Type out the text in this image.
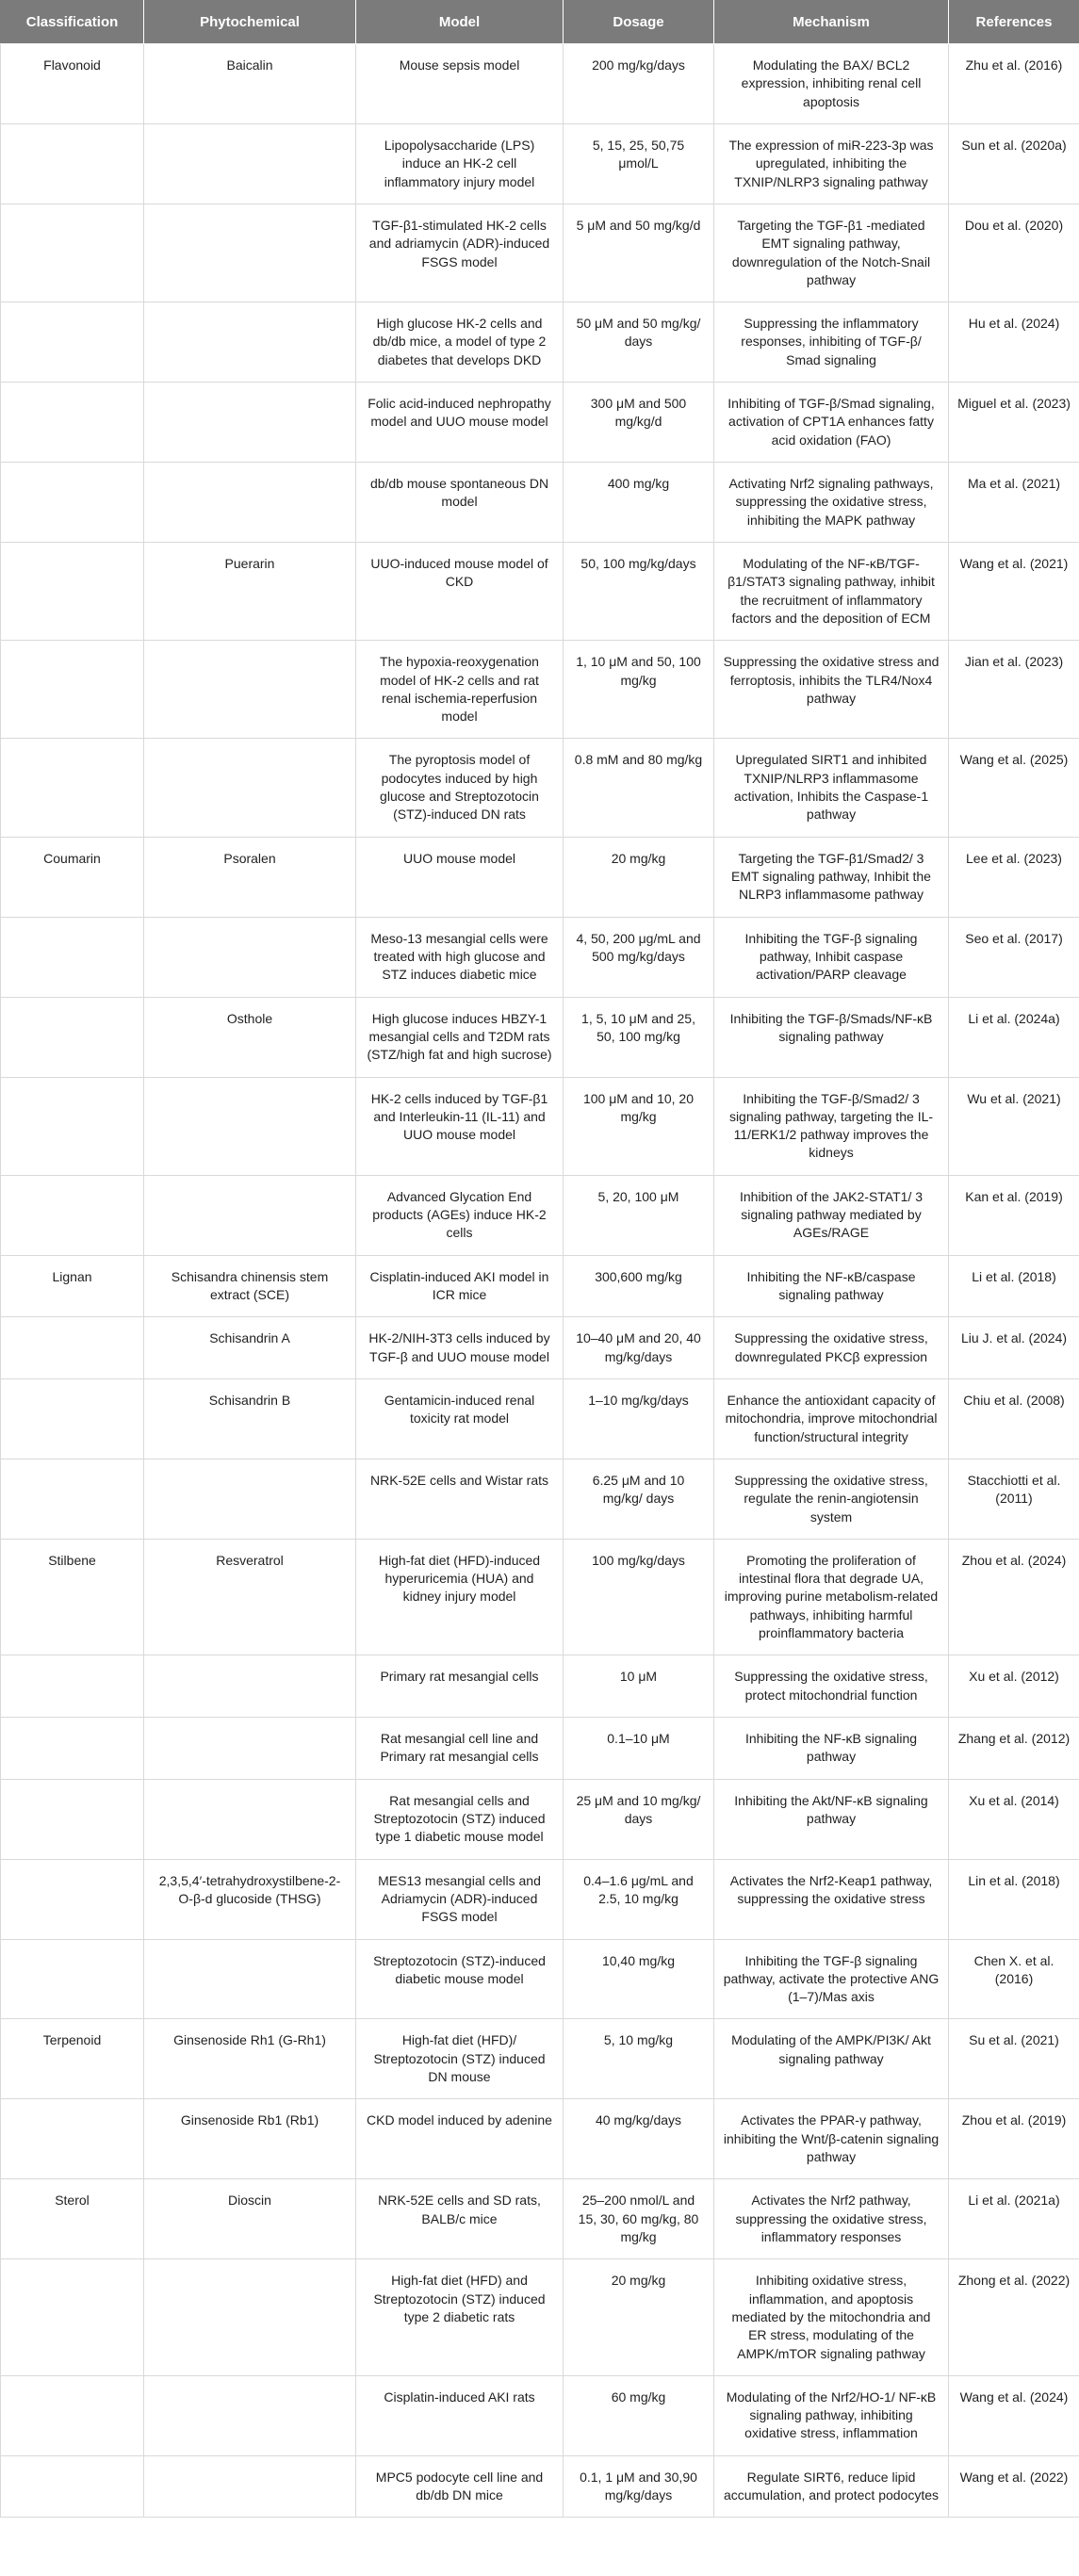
Classification	Phytochemical	Model	Dosage	Mechanism	References
Flavonoid	Baicalin	Mouse sepsis model	200 mg/kg/days	Modulating the BAX/ BCL2 expression, inhibiting renal cell apoptosis	Zhu et al. (2016)
		Lipopolysaccharide (LPS) induce an HK-2 cell inflammatory injury model	5, 15, 25, 50,75 μmol/L	The expression of miR-223-3p was upregulated, inhibiting the TXNIP/NLRP3 signaling pathway	Sun et al. (2020a)
		TGF-β1-stimulated HK-2 cells and adriamycin (ADR)-induced FSGS model	5 μM and 50 mg/kg/d	Targeting the TGF-β1 -mediated EMT signaling pathway, downregulation of the Notch-Snail pathway	Dou et al. (2020)
		High glucose HK-2 cells and db/db mice, a model of type 2 diabetes that develops DKD	50 μM and 50 mg/kg/ days	Suppressing the inflammatory responses, inhibiting of TGF-β/ Smad signaling	Hu et al. (2024)
		Folic acid-induced nephropathy model and UUO mouse model	300 μM and 500 mg/kg/d	Inhibiting of TGF-β/Smad signaling, activation of CPT1A enhances fatty acid oxidation (FAO)	Miguel et al. (2023)
		db/db mouse spontaneous DN model	400 mg/kg	Activating Nrf2 signaling pathways, suppressing the oxidative stress, inhibiting the MAPK pathway	Ma et al. (2021)
	Puerarin	UUO-induced mouse model of CKD	50, 100 mg/kg/days	Modulating of the NF-κB/TGF-β1/STAT3 signaling pathway, inhibit the recruitment of inflammatory factors and the deposition of ECM	Wang et al. (2021)
		The hypoxia-reoxygenation model of HK-2 cells and rat renal ischemia-reperfusion model	1, 10 μM and 50, 100 mg/kg	Suppressing the oxidative stress and ferroptosis, inhibits the TLR4/Nox4 pathway	Jian et al. (2023)
		The pyroptosis model of podocytes induced by high glucose and Streptozotocin (STZ)-induced DN rats	0.8 mM and 80 mg/kg	Upregulated SIRT1 and inhibited TXNIP/NLRP3 inflammasome activation, Inhibits the Caspase-1 pathway	Wang et al. (2025)
Coumarin	Psoralen	UUO mouse model	20 mg/kg	Targeting the TGF-β1/Smad2/ 3 EMT signaling pathway, Inhibit the NLRP3 inflammasome pathway	Lee et al. (2023)
		Meso-13 mesangial cells were treated with high glucose and STZ induces diabetic mice	4, 50, 200 μg/mL and 500 mg/kg/days	Inhibiting the TGF-β signaling pathway, Inhibit caspase activation/PARP cleavage	Seo et al. (2017)
	Osthole	High glucose induces HBZY-1 mesangial cells and T2DM rats (STZ/high fat and high sucrose)	1, 5, 10 μM and 25, 50, 100 mg/kg	Inhibiting the TGF-β/Smads/NF-κB signaling pathway	Li et al. (2024a)
		HK-2 cells induced by TGF-β1 and Interleukin-11 (IL-11) and UUO mouse model	100 μM and 10, 20 mg/kg	Inhibiting the TGF-β/Smad2/ 3 signaling pathway, targeting the IL-11/ERK1/2 pathway improves the kidneys	Wu et al. (2021)
		Advanced Glycation End products (AGEs) induce HK-2 cells	5, 20, 100 μM	Inhibition of the JAK2-STAT1/ 3 signaling pathway mediated by AGEs/RAGE	Kan et al. (2019)
Lignan	Schisandra chinensis stem extract (SCE)	Cisplatin-induced AKI model in ICR mice	300,600 mg/kg	Inhibiting the NF-κB/caspase signaling pathway	Li et al. (2018)
	Schisandrin A	HK-2/NIH-3T3 cells induced by TGF-β and UUO mouse model	10–40 μM and 20, 40 mg/kg/days	Suppressing the oxidative stress, downregulated PKCβ expression	Liu J. et al. (2024)
	Schisandrin B	Gentamicin-induced renal toxicity rat model	1–10 mg/kg/days	Enhance the antioxidant capacity of mitochondria, improve mitochondrial function/structural integrity	Chiu et al. (2008)
		NRK-52E cells and Wistar rats	6.25 μM and 10 mg/kg/ days	Suppressing the oxidative stress, regulate the renin-angiotensin system	Stacchiotti et al. (2011)
Stilbene	Resveratrol	High-fat diet (HFD)-induced hyperuricemia (HUA) and kidney injury model	100 mg/kg/days	Promoting the proliferation of intestinal flora that degrade UA, improving purine metabolism-related pathways, inhibiting harmful proinflammatory bacteria	Zhou et al. (2024)
		Primary rat mesangial cells	10 μM	Suppressing the oxidative stress, protect mitochondrial function	Xu et al. (2012)
		Rat mesangial cell line and Primary rat mesangial cells	0.1–10 μM	Inhibiting the NF-κB signaling pathway	Zhang et al. (2012)
		Rat mesangial cells and Streptozotocin (STZ) induced type 1 diabetic mouse model	25 μM and 10 mg/kg/ days	Inhibiting the Akt/NF-κB signaling pathway	Xu et al. (2014)
	2,3,5,4′-tetrahydroxystilbene-2-O-β-d glucoside (THSG)	MES13 mesangial cells and Adriamycin (ADR)-induced FSGS model	0.4–1.6 μg/mL and 2.5, 10 mg/kg	Activates the Nrf2-Keap1 pathway, suppressing the oxidative stress	Lin et al. (2018)
		Streptozotocin (STZ)-induced diabetic mouse model	10,40 mg/kg	Inhibiting the TGF-β signaling pathway, activate the protective ANG (1–7)/Mas axis	Chen X. et al. (2016)
Terpenoid	Ginsenoside Rh1 (G-Rh1)	High-fat diet (HFD)/ Streptozotocin (STZ) induced DN mouse	5, 10 mg/kg	Modulating of the AMPK/PI3K/ Akt signaling pathway	Su et al. (2021)
	Ginsenoside Rb1 (Rb1)	CKD model induced by adenine	40 mg/kg/days	Activates the PPAR-γ pathway, inhibiting the Wnt/β-catenin signaling pathway	Zhou et al. (2019)
Sterol	Dioscin	NRK-52E cells and SD rats, BALB/c mice	25–200 nmol/L and 15, 30, 60 mg/kg, 80 mg/kg	Activates the Nrf2 pathway, suppressing the oxidative stress, inflammatory responses	Li et al. (2021a)
		High-fat diet (HFD) and Streptozotocin (STZ) induced type 2 diabetic rats	20 mg/kg	Inhibiting oxidative stress, inflammation, and apoptosis mediated by the mitochondria and ER stress, modulating of the AMPK/mTOR signaling pathway	Zhong et al. (2022)
		Cisplatin-induced AKI rats	60 mg/kg	Modulating of the Nrf2/HO-1/ NF-κB signaling pathway, inhibiting oxidative stress, inflammation	Wang et al. (2024)
		MPC5 podocyte cell line and db/db DN mice	0.1, 1 μM and 30,90 mg/kg/days	Regulate SIRT6, reduce lipid accumulation, and protect podocytes	Wang et al. (2022)
